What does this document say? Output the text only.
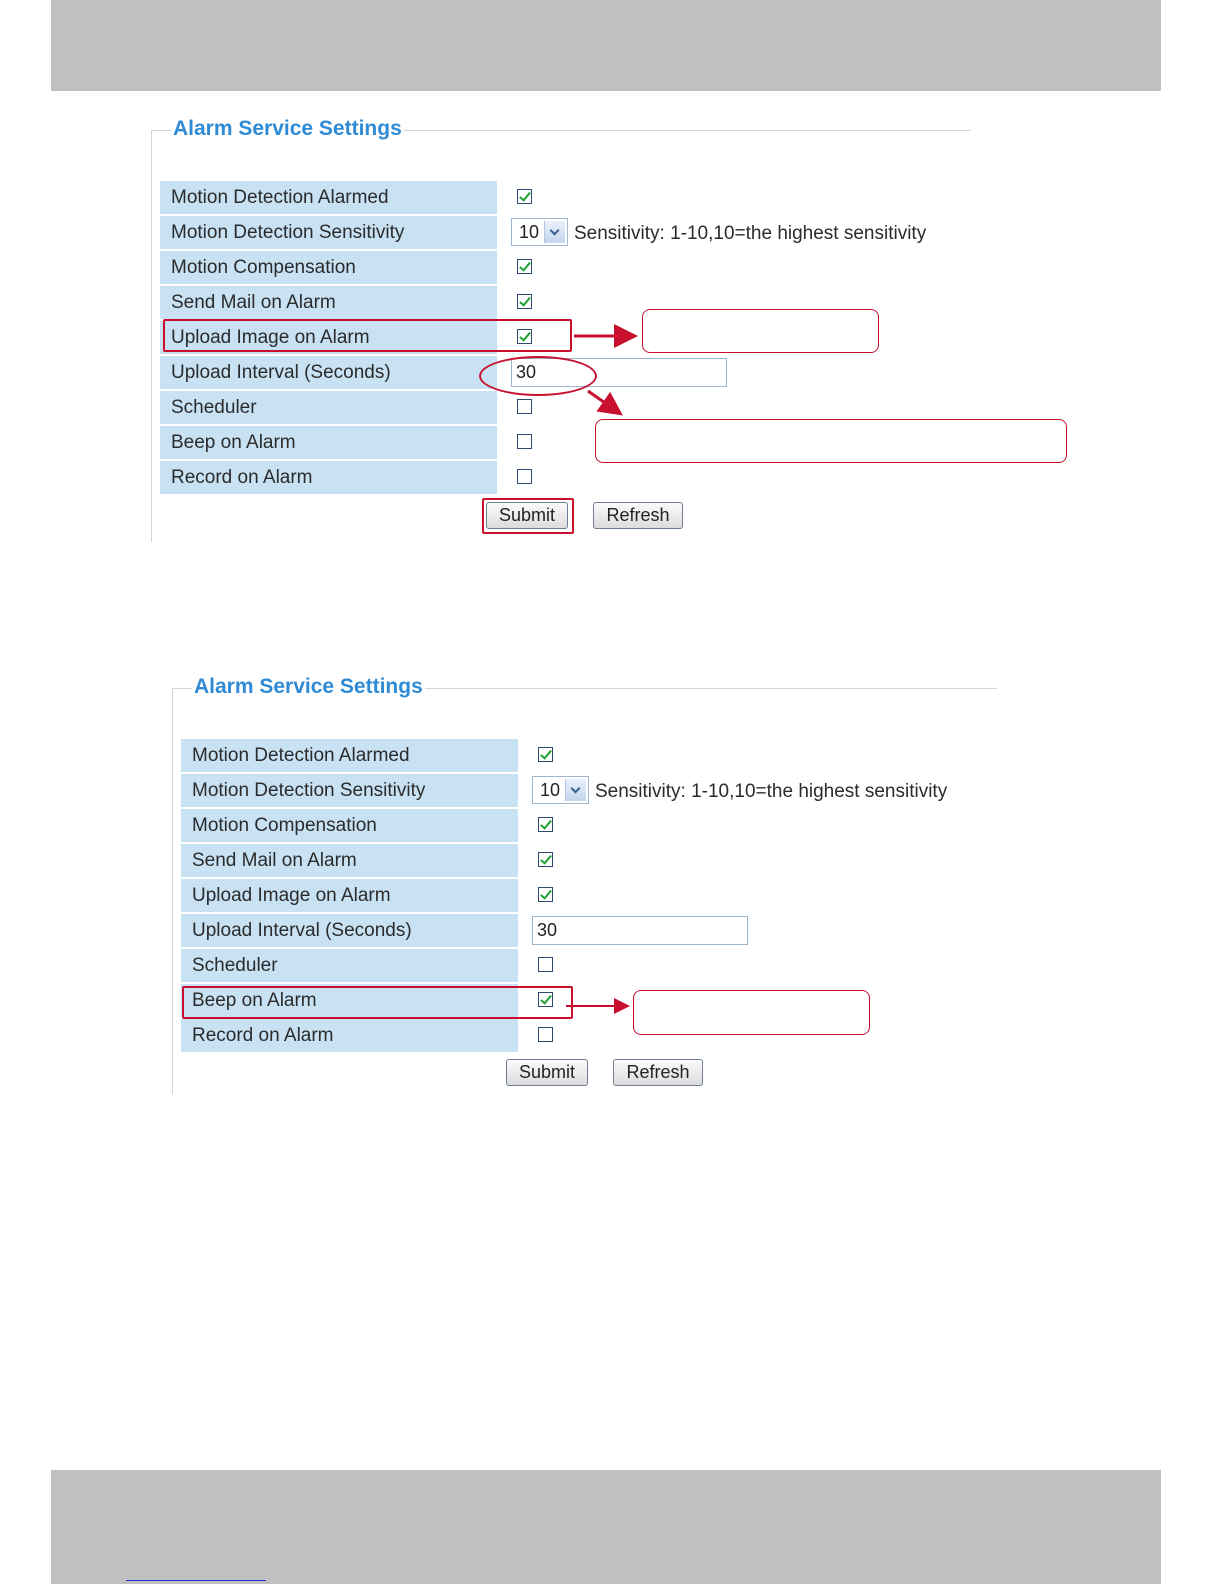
Alarm Service Settings
Motion Detection Alarmed
Motion Detection Sensitivity	10 Sensitivity: 1-10,10=the highest sensitivity
Motion Compensation
Send Mail on Alarm
Upload Image on Alarm
Upload Interval (Seconds)	30
Scheduler
Beep on Alarm
Record on Alarm
Submit	Refresh
Alarm Service Settings
Motion Detection Alarmed
Motion Detection Sensitivity	10 Sensitivity: 1-10,10=the highest sensitivity
Motion Compensation
Send Mail on Alarm
Upload Image on Alarm
Upload Interval (Seconds)	30
Scheduler
Beep on Alarm
Record on Alarm
Submit	Refresh
